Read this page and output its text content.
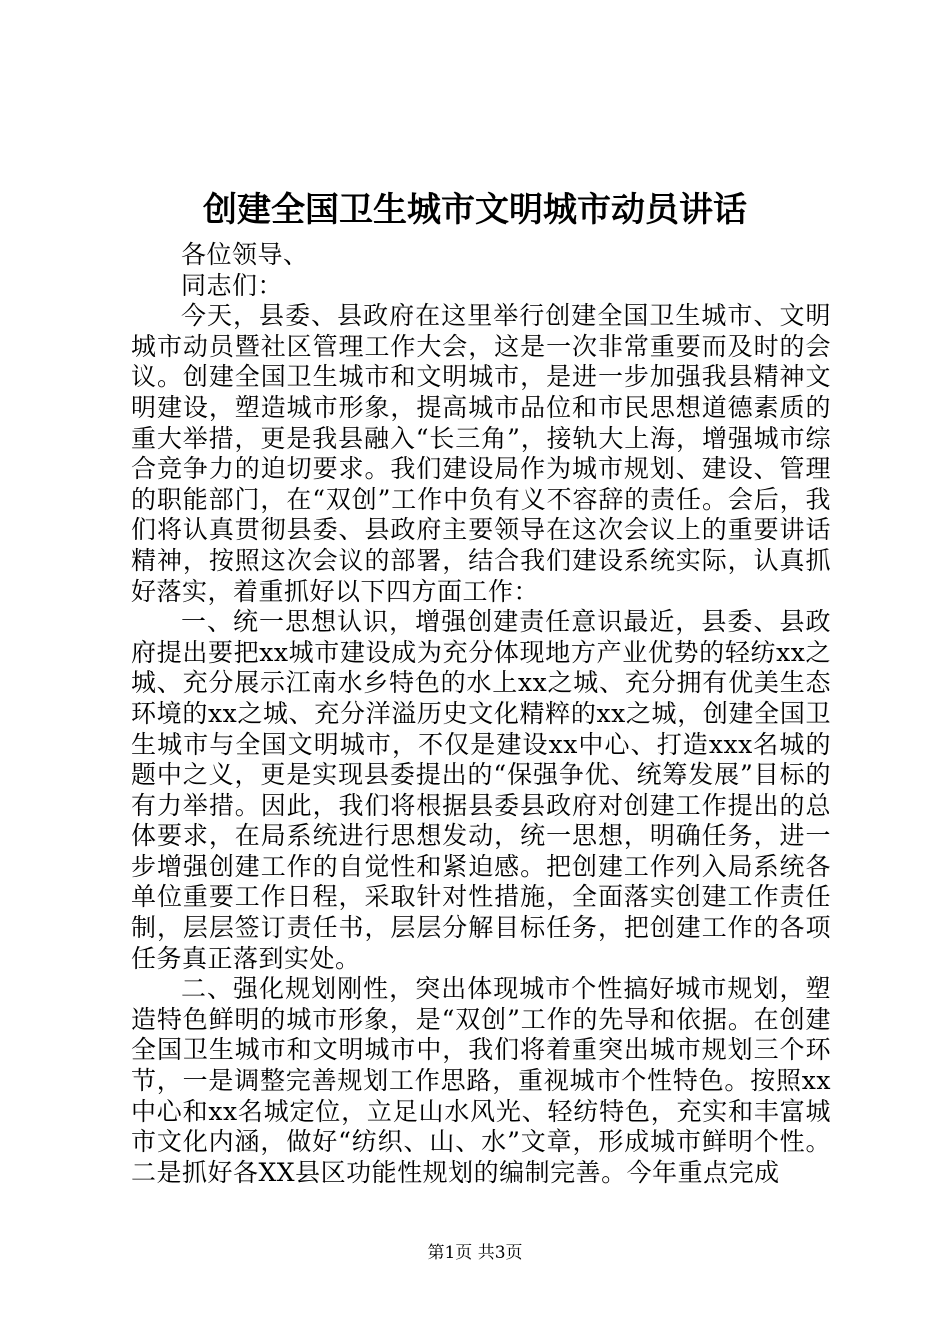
创建全国卫生城市文明城市动员讲话

各位领导、

同志们：

今天，县委、县政府在这里举行创建全国卫生城市、文明城市动员暨社区管理工作大会，这是一次非常重要而及时的会议。创建全国卫生城市和文明城市，是进一步加强我县精神文明建设，塑造城市形象，提高城市品位和市民思想道德素质的重大举措，更是我县融入“长三角”，接轨大上海，增强城市综合竞争力的迫切要求。我们建设局作为城市规划、建设、管理的职能部门，在“双创”工作中负有义不容辞的责任。会后，我们将认真贯彻县委、县政府主要领导在这次会议上的重要讲话精神，按照这次会议的部署，结合我们建设系统实际，认真抓好落实，着重抓好以下四方面工作：

一、统一思想认识，增强创建责任意识最近，县委、县政府提出要把xx城市建设成为充分体现地方产业优势的轻纺xx之城、充分展示江南水乡特色的水上xx之城、充分拥有优美生态环境的xx之城、充分洋溢历史文化精粹的xx之城，创建全国卫生城市与全国文明城市，不仅是建设xx中心、打造xxx名城的题中之义，更是实现县委提出的“保强争优、统筹发展”目标的有力举措。因此，我们将根据县委县政府对创建工作提出的总体要求，在局系统进行思想发动，统一思想，明确任务，进一步增强创建工作的自觉性和紧迫感。把创建工作列入局系统各单位重要工作日程，采取针对性措施，全面落实创建工作责任制，层层签订责任书，层层分解目标任务，把创建工作的各项任务真正落到实处。

二、强化规划刚性，突出体现城市个性搞好城市规划，塑造特色鲜明的城市形象，是“双创”工作的先导和依据。在创建全国卫生城市和文明城市中，我们将着重突出城市规划三个环节，一是调整完善规划工作思路，重视城市个性特色。按照xx中心和xx名城定位，立足山水风光、轻纺特色，充实和丰富城市文化内涵，做好“纺织、山、水”文章，形成城市鲜明个性。二是抓好各XX县区功能性规划的编制完善。今年重点完成

第1页 共3页
